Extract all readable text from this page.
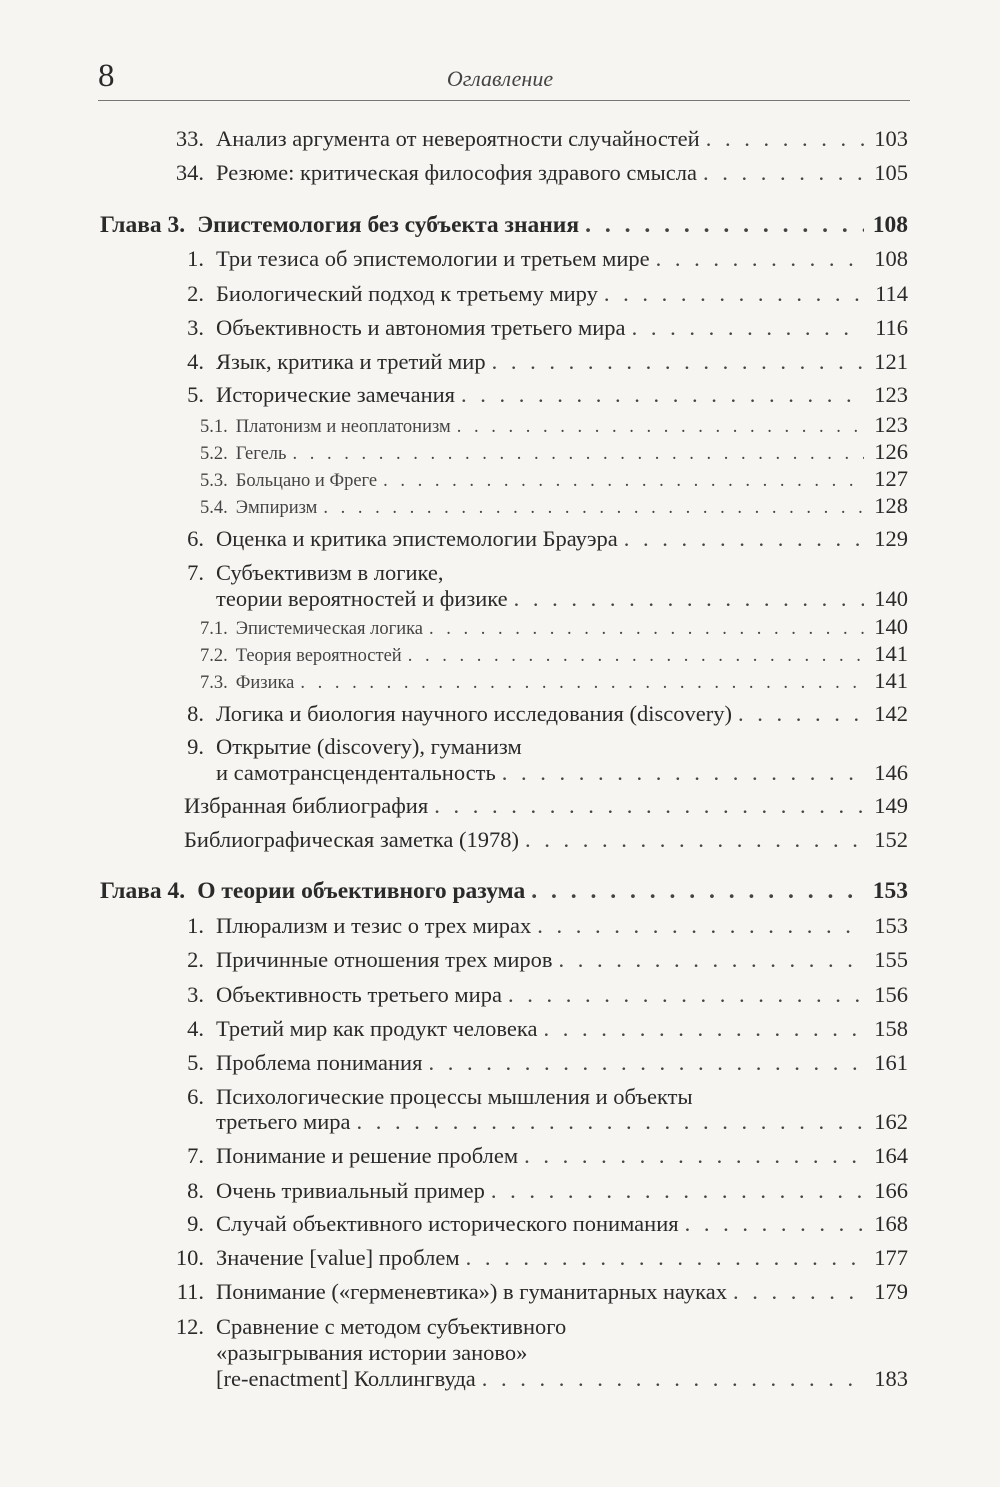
8	Оглавление
33. Анализ аргумента от невероятности случайностей . . .	103
34. Резюме: критическая философия здравого смысла . . .	105
Глава 3. Эпистемология без субъекта знания . . .	108
1. Три тезиса об эпистемологии и третьем мире . . .	108
2. Биологический подход к третьему миру . . .	114
3. Объективность и автономия третьего мира . . .	116
4. Язык, критика и третий мир . . .	121
5. Исторические замечания . . .	123
5.1. Платонизм и неоплатонизм . . .	123
5.2. Гегель . . .	126
5.3. Больцано и Фреге . . .	127
5.4. Эмпиризм . . .	128
6. Оценка и критика эпистемологии Брауэра . . .	129
7. Субъективизм в логике,
теории вероятностей и физике . . .	140
7.1. Эпистемическая логика . . .	140
7.2. Теория вероятностей . . .	141
7.3. Физика . . .	141
8. Логика и биология научного исследования (discovery) . . .	142
9. Открытие (discovery), гуманизм
и самотрансцендентальность . . .	146
Избранная библиография . . .	149
Библиографическая заметка (1978) . . .	152
Глава 4. О теории объективного разума . . .	153
1. Плюрализм и тезис о трех мирах . . .	153
2. Причинные отношения трех миров . . .	155
3. Объективность третьего мира . . .	156
4. Третий мир как продукт человека . . .	158
5. Проблема понимания . . .	161
6. Психологические процессы мышления и объекты
третьего мира . . .	162
7. Понимание и решение проблем . . .	164
8. Очень тривиальный пример . . .	166
9. Случай объективного исторического понимания . . .	168
10. Значение [value] проблем . . .	177
11. Понимание («герменевтика») в гуманитарных науках . . .	179
12. Сравнение с методом субъективного
«разыгрывания истории заново»
[re-enactment] Коллингвуда . . .	183
